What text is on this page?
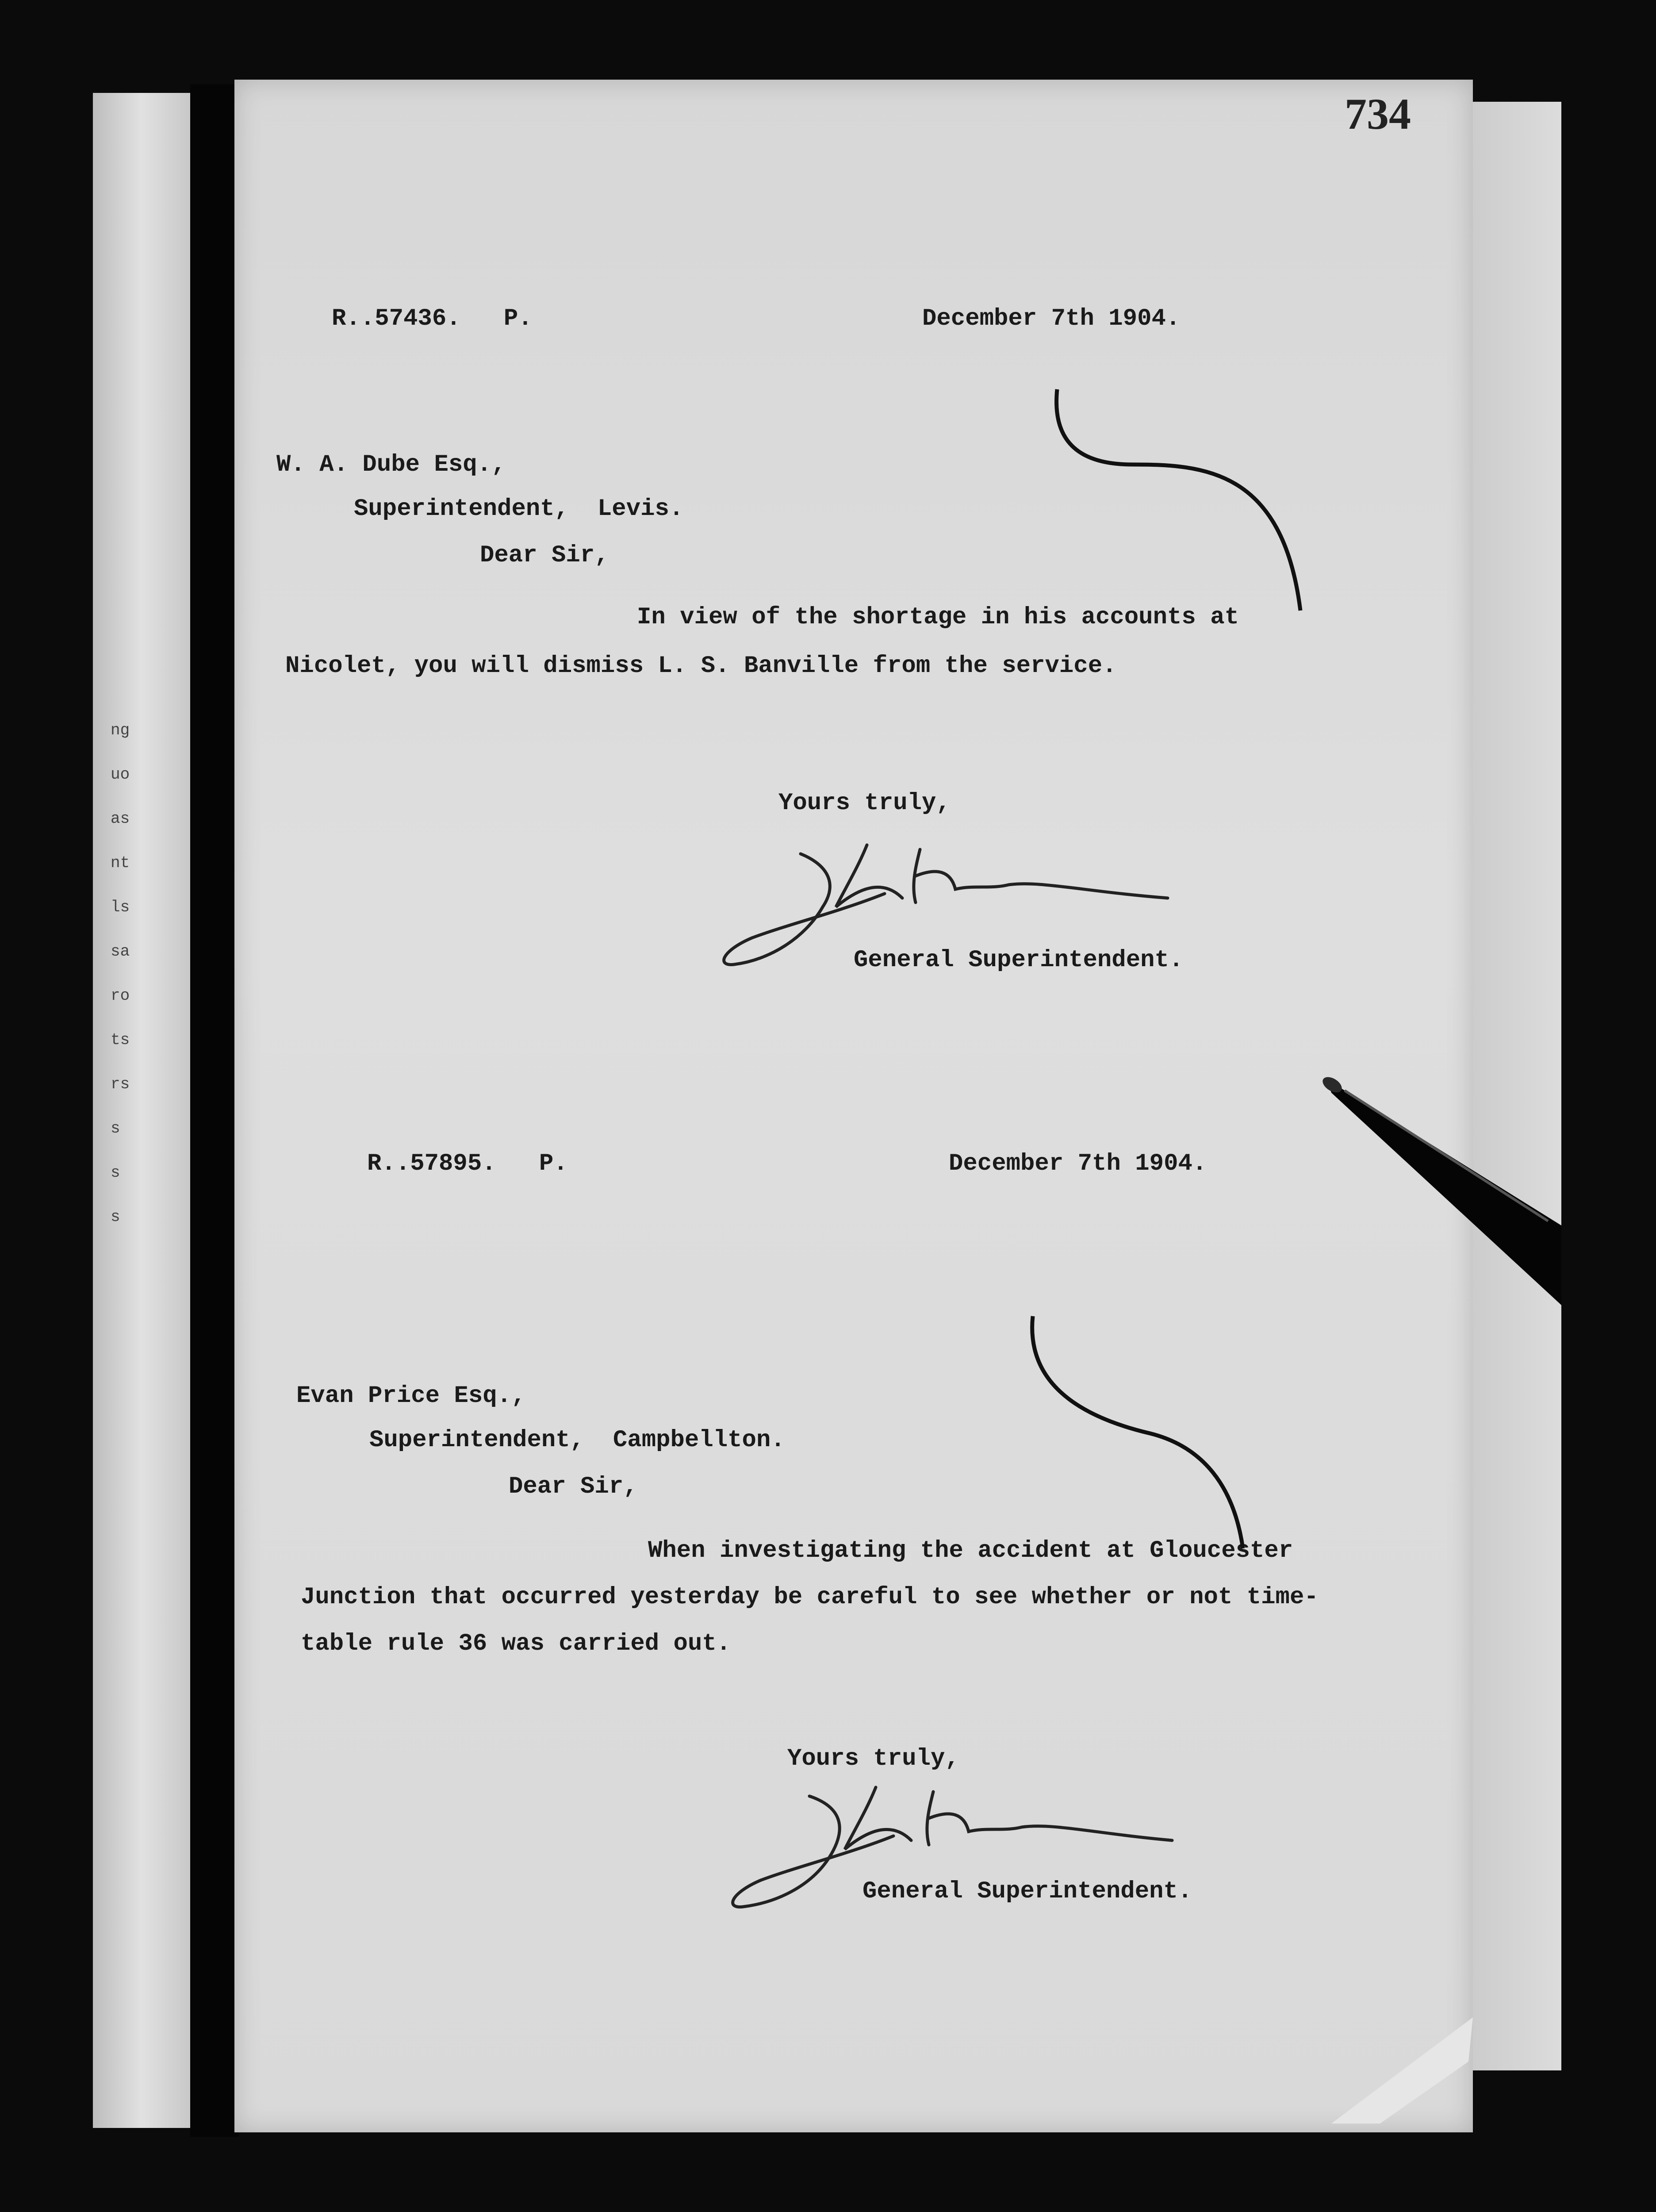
ng
uo
as
nt
ls
sa
ro
ts
rs
s
s
s
734
R..57436.   P.	December 7th 1904.
W. A. Dube Esq.,
Superintendent,  Levis.
Dear Sir,
In view of the shortage in his accounts at
Nicolet, you will dismiss L. S. Banville from the service.
Yours truly,
General Superintendent.
R..57895.   P.	December 7th 1904.
Evan Price Esq.,
Superintendent,  Campbellton.
Dear Sir,
When investigating the accident at Gloucester
Junction that occurred yesterday be careful to see whether or not time-
table rule 36 was carried out.
Yours truly,
General Superintendent.
